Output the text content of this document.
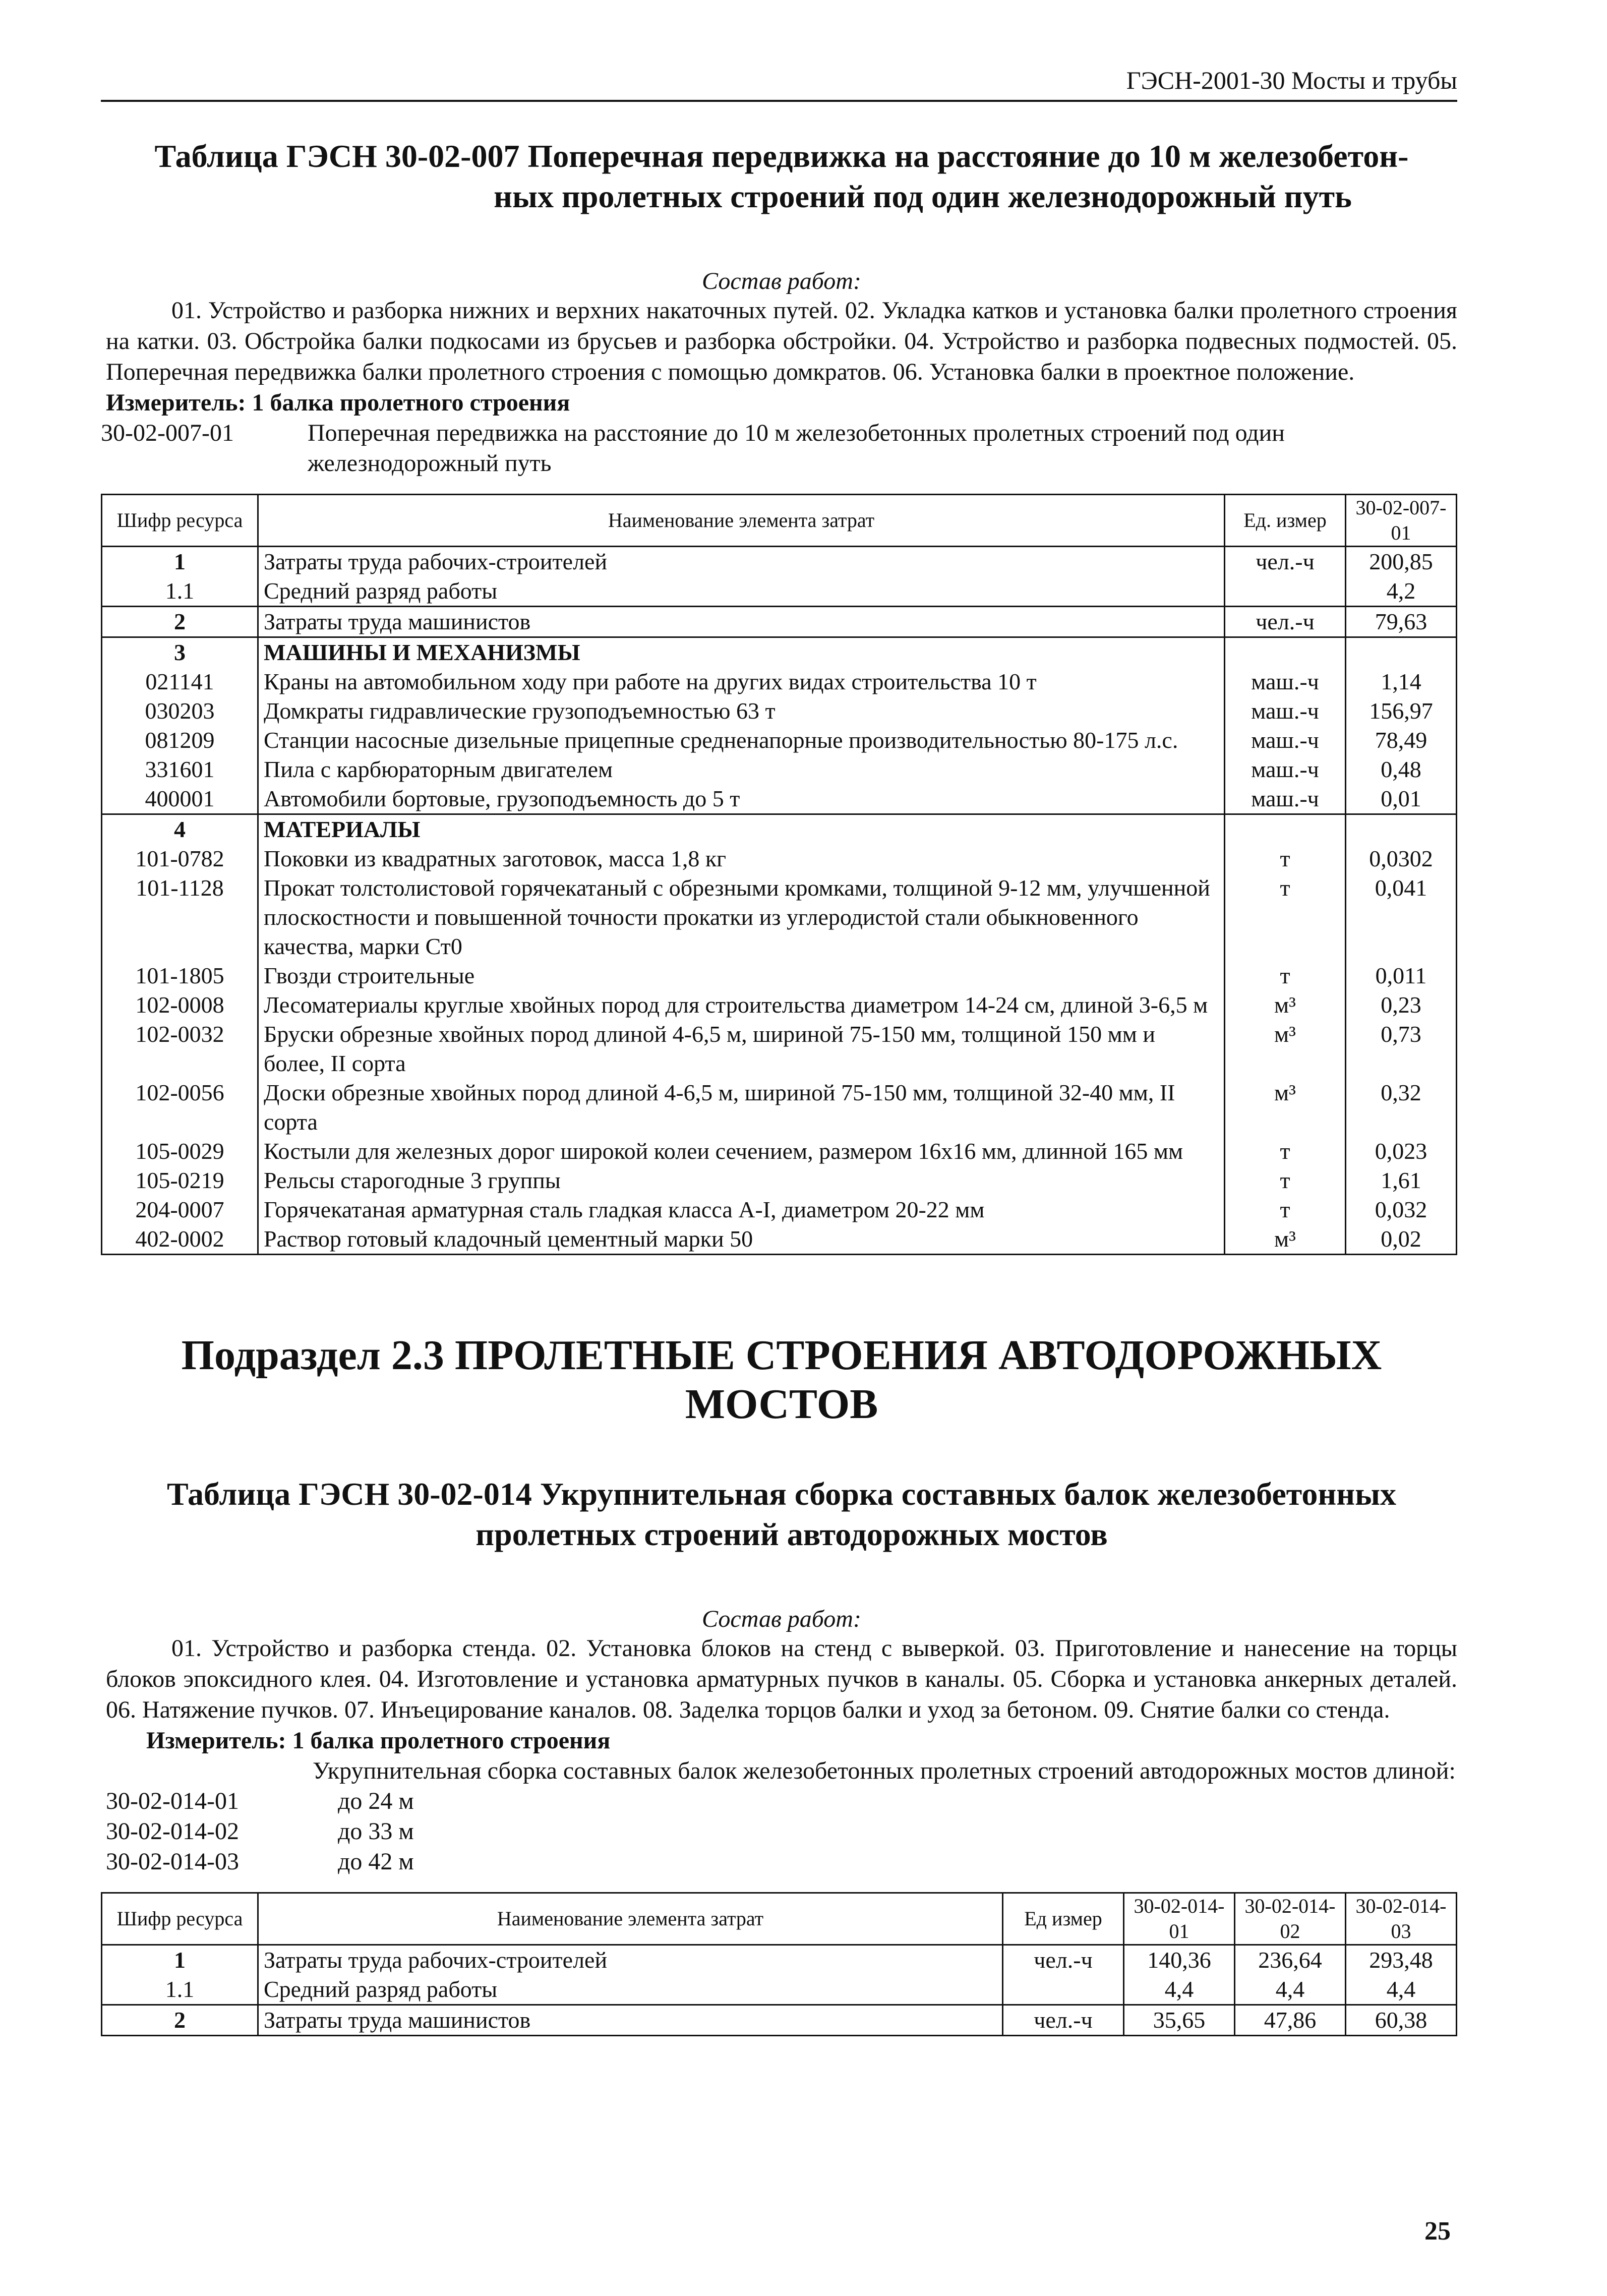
ГЭСН-2001-30 Мосты и трубы
Таблица ГЭСН 30-02-007 Поперечная передвижка на расстояние до 10 м железобетон-
ных пролетных строений под один железнодорожный путь

Состав работ:

01. Устройство и разборка нижних и верхних накаточных путей. 02. Укладка катков и установка балки пролетного строения на катки. 03. Обстройка балки подкосами из брусьев и разборка обстройки. 04. Устройство и разборка подвесных подмостей. 05. Поперечная передвижка балки пролетного строения с помощью домкратов. 06. Установка балки в проектное положение.

Измеритель: 1 балка пролетного строения

30-02-007-01	Поперечная передвижка на расстояние до 10 м железобетонных пролетных строений под один железнодорожный путь
Шифр ресурса	Наименование элемента затрат	Ед. измер	30-02-007-01
1	Затраты труда рабочих-строителей	чел.-ч	200,85
1.1	Средний разряд работы		4,2
2	Затраты труда машинистов	чел.-ч	79,63
3	МАШИНЫ И МЕХАНИЗМЫ		
021141	Краны на автомобильном ходу при работе на других видах строительства 10 т	маш.-ч	1,14
030203	Домкраты гидравлические грузоподъемностью 63 т	маш.-ч	156,97
081209	Станции насосные дизельные прицепные средненапорные производительностью 80-175 л.с.	маш.-ч	78,49
331601	Пила с карбюраторным двигателем	маш.-ч	0,48
400001	Автомобили бортовые, грузоподъемность до 5 т	маш.-ч	0,01
4	МАТЕРИАЛЫ		
101-0782	Поковки из квадратных заготовок, масса 1,8 кг	т	0,0302
101-1128	Прокат толстолистовой горячекатаный с обрезными кромками, толщиной 9-12 мм, улучшенной плоскостности и повышенной точности прокатки из углеродистой стали обыкновенного качества, марки Ст0	т	0,041
101-1805	Гвозди строительные	т	0,011
102-0008	Лесоматериалы круглые хвойных пород для строительства диаметром 14-24 см, длиной 3-6,5 м	м³	0,23
102-0032	Бруски обрезные хвойных пород длиной 4-6,5 м, шириной 75-150 мм, толщиной 150 мм и более, II сорта	м³	0,73
102-0056	Доски обрезные хвойных пород длиной 4-6,5 м, шириной 75-150 мм, толщиной 32-40 мм, II сорта	м³	0,32
105-0029	Костыли для железных дорог широкой колеи сечением, размером 16х16 мм, длинной 165 мм	т	0,023
105-0219	Рельсы старогодные 3 группы	т	1,61
204-0007	Горячекатаная арматурная сталь гладкая класса A-I, диаметром 20-22 мм	т	0,032
402-0002	Раствор готовый кладочный цементный марки 50	м³	0,02
Подраздел 2.3 ПРОЛЕТНЫЕ СТРОЕНИЯ АВТОДОРОЖНЫХ МОСТОВ
Таблица ГЭСН 30-02-014 Укрупнительная сборка составных балок железобетонных
пролетных строений автодорожных мостов

Состав работ:

01. Устройство и разборка стенда. 02. Установка блоков на стенд с выверкой. 03. Приготовление и нанесение на торцы блоков эпоксидного клея. 04. Изготовление и установка арматурных пучков в каналы. 05. Сборка и установка анкерных деталей. 06. Натяжение пучков. 07. Инъецирование каналов. 08. Заделка торцов балки и уход за бетоном. 09. Снятие балки со стенда.

Измеритель: 1 балка пролетного строения

Укрупнительная сборка составных балок железобетонных пролетных строений автодорожных мостов длиной:
30-02-014-01	до 24 м
30-02-014-02	до 33 м
30-02-014-03	до 42 м
Шифр ресурса	Наименование элемента затрат	Ед измер	30-02-014-01	30-02-014-02	30-02-014-03
1	Затраты труда рабочих-строителей	чел.-ч	140,36	236,64	293,48
1.1	Средний разряд работы		4,4	4,4	4,4
2	Затраты труда машинистов	чел.-ч	35,65	47,86	60,38
25
